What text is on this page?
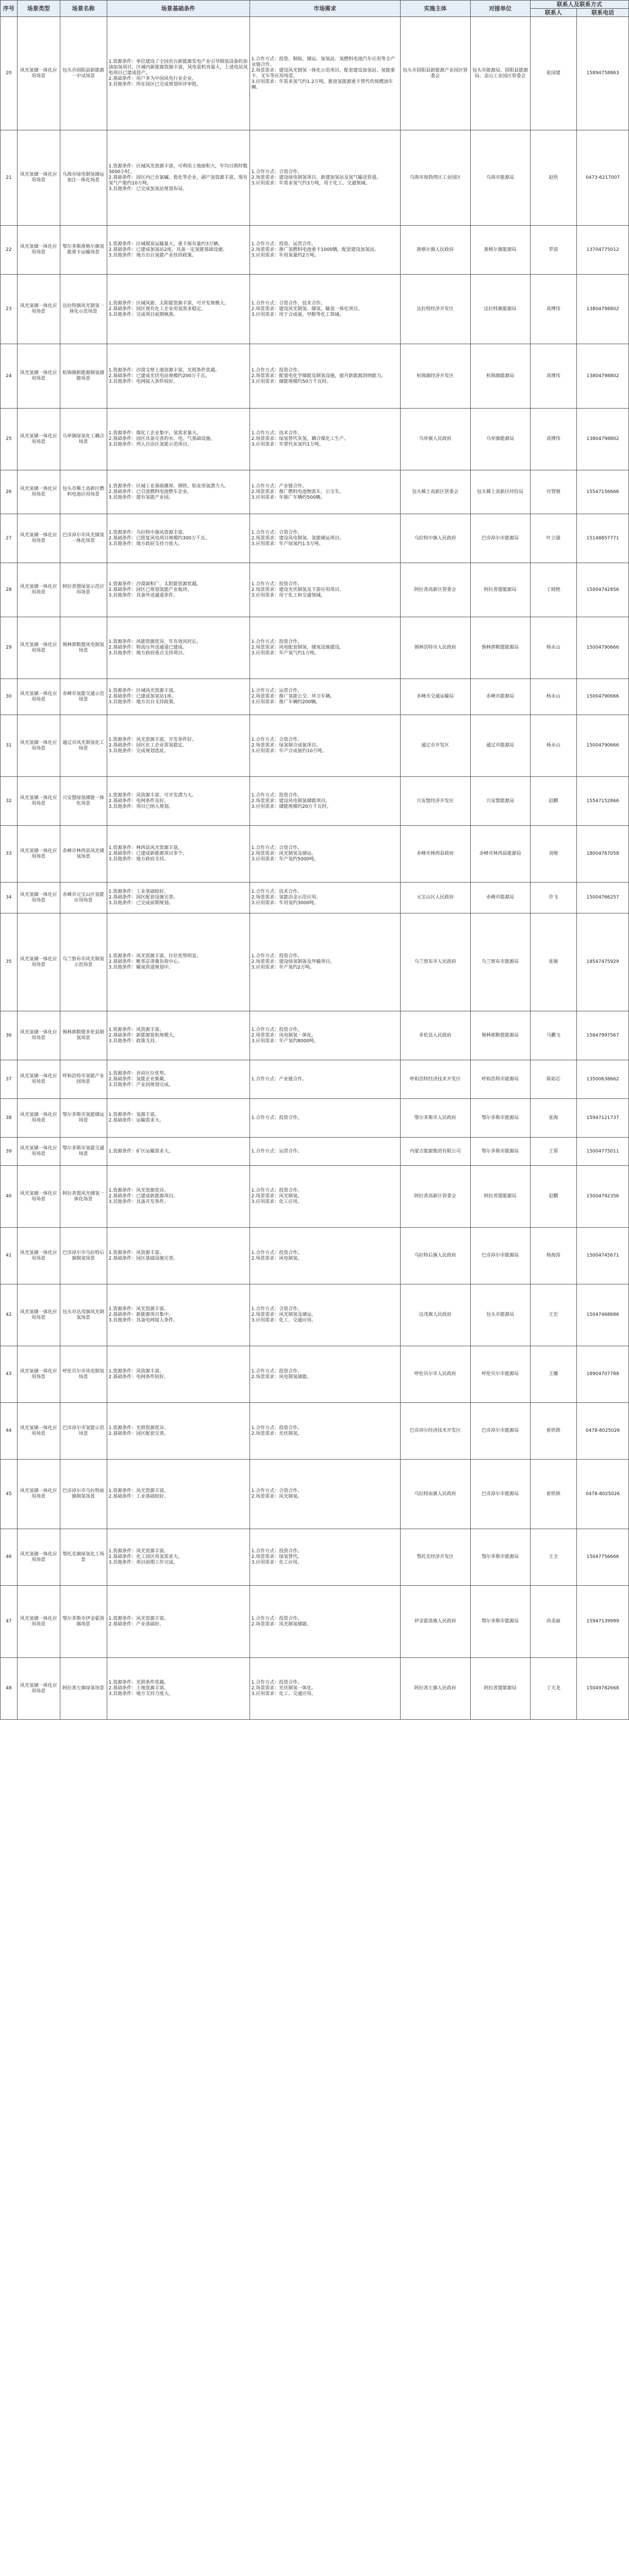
序号	场景类型	场景名称	场景基础条件	市场需求	实施主体	对接单位	联系人及联系方式	
							联系人	联系电话
20	风光氢储一体化应用场景	包头市固阳县新能源一中试场景	1.资源条件：单位建设了全国首台新能源发电产业引导制氢设备的加油加氢项目，区域内新能源资源丰富，风电装机容量大，上述电站风电项目已建成投产。
2.基础条件：用户多为中国风电行业企业。
3.其他条件：所在园区已完成规划环评审批。	1.合作方式：投资、制取、储运、加氢站、氢燃料电池汽车应用等全产业链合作。
2.场景需求：建设风光制氢一体化示范项目，配套建设加氢站、氢能重卡、叉车等应用场景。
3.应用需求：年需求氢气约1.2万吨，推进氢能源重卡替代传统燃油车辆。	包头市固阳县新能源产业园区管委会	包头市能源局、固阳县能源局、金山工业园区管委会	张国建	15894758863
21	风光氢储一体化应用场景	乌海市绿电制氢储运加注一体化场景	1.资源条件：区域风光资源丰富，可利用土地面积大，年均日照时数3000小时。
2.基础条件：园区内已有氯碱、焦化等企业，副产氢资源丰富，现有氢气产能约10万吨。
3.其他条件：已完成加氢站规划布局。	1.合作方式：合资合作。
2.场景需求：建设绿电制氢项目，新建加氢站及氢气输送管道。
3.应用需求：年需求氢气约3万吨，用于化工、交通领域。	乌海市海勃湾区工业园区	乌海市能源局	赵欣	0473-6217007
22	风光氢储一体化应用场景	鄂尔多斯准格尔旗氢能重卡运输场景	1.资源条件：区域煤炭运输量大，重卡保有量约3万辆。
2.基础条件：已建成加氢站2座，具备一定氢能基础设施。
3.其他条件：地方出台氢能产业扶持政策。	1.合作方式：投资、运营合作。
2.场景需求：推广氢燃料电池重卡1000辆，配套建设加氢站。
3.应用需求：年用氢量约2万吨。	准格尔旗人民政府	准格尔旗能源局	罗波	13704775012
23	风光氢储一体化应用场景	达拉特旗风光制氢一体化示范场景	1.资源条件：区域风能、太阳能资源丰富，可开发规模大。
2.基础条件：园区现有化工企业用氢需求稳定。
3.其他条件：完成项目前期核准。	1.合作方式：合资合作、技术合作。
2.场景需求：建设风光制氢、储氢、输氢一体化项目。
3.应用需求：用于合成氨、甲醇等化工领域。	达拉特经济开发区	达拉特旗能源局	高博伟	13804798802
24	风光氢储一体化应用场景	杭锦旗新能源制氢储能场景	1.资源条件：沙漠戈壁土地资源丰富，光照条件优越。
2.基础条件：已建成光伏电站规模约200万千瓦。
3.其他条件：电网接入条件较好。	1.合作方式：投资合作。
2.场景需求：配置电化学储能及制氢设施，提升新能源消纳能力。
3.应用需求：储能规模约50万千瓦时。	杭锦旗经济开发区	杭锦旗能源局	高博伟	13804798802
25	风光氢储一体化应用场景	乌审旗绿氢化工耦合场景	1.资源条件：煤化工企业集中，氢需求量大。
2.基础条件：园区具备完善的水、电、气基础设施。
3.其他条件：列入自治区氢能示范项目。	1.合作方式：技术合作。
2.场景需求：绿氢替代灰氢，耦合煤化工生产。
3.应用需求：年替代灰氢约1万吨。	乌审旗人民政府	乌审旗能源局	高博伟	13804798802
26	风光氢储一体化应用场景	包头市稀土高新区燃料电池应用场景	1.资源条件：区域工业基础雄厚，钢铁、铝业用氢潜力大。
2.基础条件：已引进燃料电池整车企业。
3.其他条件：建有氢能产业园。	1.合作方式：产业链合作。
2.场景需求：推广燃料电池物流车、公交车。
3.应用需求：年推广车辆约500辆。	包头稀土高新区管委会	包头稀土高新区经信局	付智刚	15547156666
27	风光氢储一体化应用场景	巴彦淖尔市风光储氢一体化场景	1.资源条件：乌拉特中旗风资源丰富。
2.基础条件：已批复风电项目规模约300万千瓦。
3.其他条件：地方政府支持力度大。	1.合作方式：合资合作。
2.场景需求：建设风电制氢、氢能储运项目。
3.应用需求：年产绿氢约1.5万吨。	乌拉特中旗人民政府	巴彦淖尔市能源局	叶立强	15148857771
28	风光氢储一体化应用场景	阿拉善盟绿氢示范应用场景	1.资源条件：沙漠面积广，太阳能资源优越。
2.基础条件：园区已规划氢能产业板块。
3.其他条件：具备外送通道条件。	1.合作方式：投资合作。
2.场景需求：建设光伏制氢及下游应用项目。
3.应用需求：用于化工和交通领域。	阿拉善高新区管委会	阿拉善盟能源局	丁晓艳	15004742856
29	风光氢储一体化应用场景	锡林郭勒盟风电制氢场景	1.资源条件：风能资源优异，年有效风时长。
2.基础条件：特高压外送通道已建成。
3.其他条件：地方政府重点支持项目。	1.合作方式：投资合作。
2.场景需求：风电配套制氢、储氢设施建设。
3.应用需求：年产氢气约1万吨。	锡林浩特市人民政府	锡林郭勒盟能源局	杨永山	15004790666
30	风光氢储一体化应用场景	赤峰市氢能交通示范场景	1.资源条件：区域风光资源丰富。
2.基础条件：已建成加氢站1座。
3.其他条件：地方出台支持政策。	1.合作方式：运营合作。
2.场景需求：推广氢能公交、环卫车辆。
3.应用需求：推广车辆约200辆。	赤峰市交通运输局	赤峰市能源局	杨永山	15004790666
31	风光氢储一体化应用场景	通辽市风光制氢化工场景	1.资源条件：风光资源丰富，开发条件好。
2.基础条件：园区化工企业需氢稳定。
3.其他条件：完成规划选址。	1.合作方式：合资合作。
2.场景需求：绿氢制合成氨项目。
3.应用需求：年产合成氨约10万吨。	通辽市开发区	通辽市能源局	杨永山	15004790666
32	风光氢储一体化应用场景	兴安盟绿氢储能一体化场景	1.资源条件：风资源丰富，可开发潜力大。
2.基础条件：电网条件良好。
3.其他条件：项目已纳入规划。	1.合作方式：投资合作。
2.场景需求：建设风电制氢储能项目。
3.应用需求：储能规模约20万千瓦时。	兴安盟经济开发区	兴安盟能源局	赵鹏	15547152866
33	风光氢储一体化应用场景	赤峰市林西县风光储氢场景	1.资源条件：林西县风光资源丰富。
2.基础条件：已建成新能源项目多个。
3.其他条件：地方政府支持。	1.合作方式：合资合作。
2.场景需求：风光制氢及储运。
3.应用需求：年产氢约5000吨。	赤峰市林西县政府	赤峰市林西县能源局	刘俊	18004767058
34	风光氢储一体化应用场景	赤峰市元宝山区氢能应用场景	1.资源条件：工业基础较好。
2.基础条件：园区配套设施完善。
3.其他条件：已完成前期规划。	1.合作方式：技术合作。
2.场景需求：氢能冶金示范应用。
3.应用需求：年用氢约3000吨。	元宝山区人民政府	赤峰市能源局	许飞	15004766257
35	风光氢储一体化应用场景	乌兰察布市风光制氢示范场景	1.资源条件：风光资源丰富，区位优势明显。
2.基础条件：毗邻京津冀负荷中心。
3.其他条件：输氢管道规划中。	1.合作方式：投资合作。
2.场景需求：建设绿氢制备及外输项目。
3.应用需求：年产氢约2万吨。	乌兰察布市人民政府	乌兰察布市能源局	张敏	18547475929
36	风光氢储一体化应用场景	锡林郭勒盟多伦县制氢场景	1.资源条件：风资源丰富。
2.基础条件：新能源装机规模大。
3.其他条件：政策支持。	1.合作方式：投资合作。
2.场景需求：风电制氢一体化。
3.应用需求：年产氢约8000吨。	多伦县人民政府	锡林郭勒盟能源局	马鹏飞	15847997567
37	风光氢储一体化应用场景	呼和浩特市氢能产业园场景	1.资源条件：首府区位优势。
2.基础条件：氢能企业集聚。
3.其他条件：产业园规划完成。	1.合作方式：产业链合作。	呼和浩特经济技术开发区	呼和浩特市能源局	陈如芯	13500638662
38	风光氢储一体化应用场景	鄂尔多斯市氢能储运场景	1.资源条件：氢源丰富。
2.基础条件：运输需求大。	1.合作方式：投资合作。	鄂尔多斯市人民政府	鄂尔多斯市能源局	张海	15947121737
39	风光氢储一体化应用场景	鄂尔多斯市氢能交通场景	1.资源条件：矿区运输需求大。	1.合作方式：运营合作。	内蒙古能源集团有限公司	鄂尔多斯市能源局	王霄	15004775011
40	风光氢储一体化应用场景	阿拉善盟风光储氢一体化场景	1.资源条件：风光资源优异。
2.基础条件：已建成新能源项目。
3.其他条件：具备开发条件。	1.合作方式：投资合作。
2.场景需求：风光制氢。
3.应用需求：化工应用。	阿拉善高新区管委会	阿拉善盟能源局	赵鹏	15004792356
41	风光氢储一体化应用场景	巴彦淖尔市乌拉特后旗制氢场景	1.资源条件：风资源丰富。
2.基础条件：园区基础设施完善。	1.合作方式：投资合作。
2.场景需求：风电制氢。	乌拉特后旗人民政府	巴彦淖尔市能源局	杨海涛	15004745671
42	风光氢储一体化应用场景	包头市达茂旗风光制氢场景	1.资源条件：风光资源丰富。
2.基础条件：新能源项目集中。
3.其他条件：具备电网接入条件。	1.合作方式：合资合作。
2.场景需求：风光制氢及储运。
3.应用需求：化工、交通应用。	达茂旗人民政府	包头市能源局	王宏	15047468686
43	风光氢储一体化应用场景	呼伦贝尔市风电制氢场景	1.资源条件：风资源丰富。
2.基础条件：电网条件较好。	1.合作方式：投资合作。
2.场景需求：风电制氢储能。	呼伦贝尔市人民政府	呼伦贝尔市能源局	王娜	18904707788
44	风光氢储一体化应用场景	巴彦淖尔市氢能示范场景	1.资源条件：光照资源优异。
2.基础条件：园区配套完善。	1.合作方式：投资合作。
2.场景需求：光伏制氢。	巴彦淖尔经济技术开发区	巴彦淖尔市能源局	崔铁锁	0478-8025026
45	风光氢储一体化应用场景	巴彦淖尔市乌拉特前旗制氢场景	1.资源条件：风光资源丰富。
2.基础条件：工业基础较好。	1.合作方式：合资合作。
2.场景需求：风光制氢。	乌拉特前旗人民政府	巴彦淖尔市能源局	崔铁锁	0478-8025026
46	风光氢储一体化应用场景	鄂托克旗绿氢化工场景	1.资源条件：风光资源丰富。
2.基础条件：化工园区用氢需求大。
3.其他条件：项目前期工作完成。	1.合作方式：投资合作。
2.场景需求：绿氢替代。
3.应用需求：化工应用。	鄂托克经济开发区	鄂尔多斯市能源局	王全	15047756666
47	风光氢储一体化应用场景	鄂尔多斯市伊金霍洛旗场景	1.资源条件：风光资源丰富。
2.基础条件：产业基础好。	1.合作方式：投资合作。
2.场景需求：风光制氢储能。	伊金霍洛旗人民政府	鄂尔多斯市能源局	尚美丽	15947139999
48	风光氢储一体化应用场景	阿拉善左旗绿氢场景	1.资源条件：光照条件优越。
2.基础条件：土地资源丰富。
3.其他条件：地方支持力度大。	1.合作方式：投资合作。
2.场景需求：光伏制氢一体化。
3.应用需求：化工、交通应用。	阿拉善左旗人民政府	阿拉善盟能源局	丁天龙	15049782668
